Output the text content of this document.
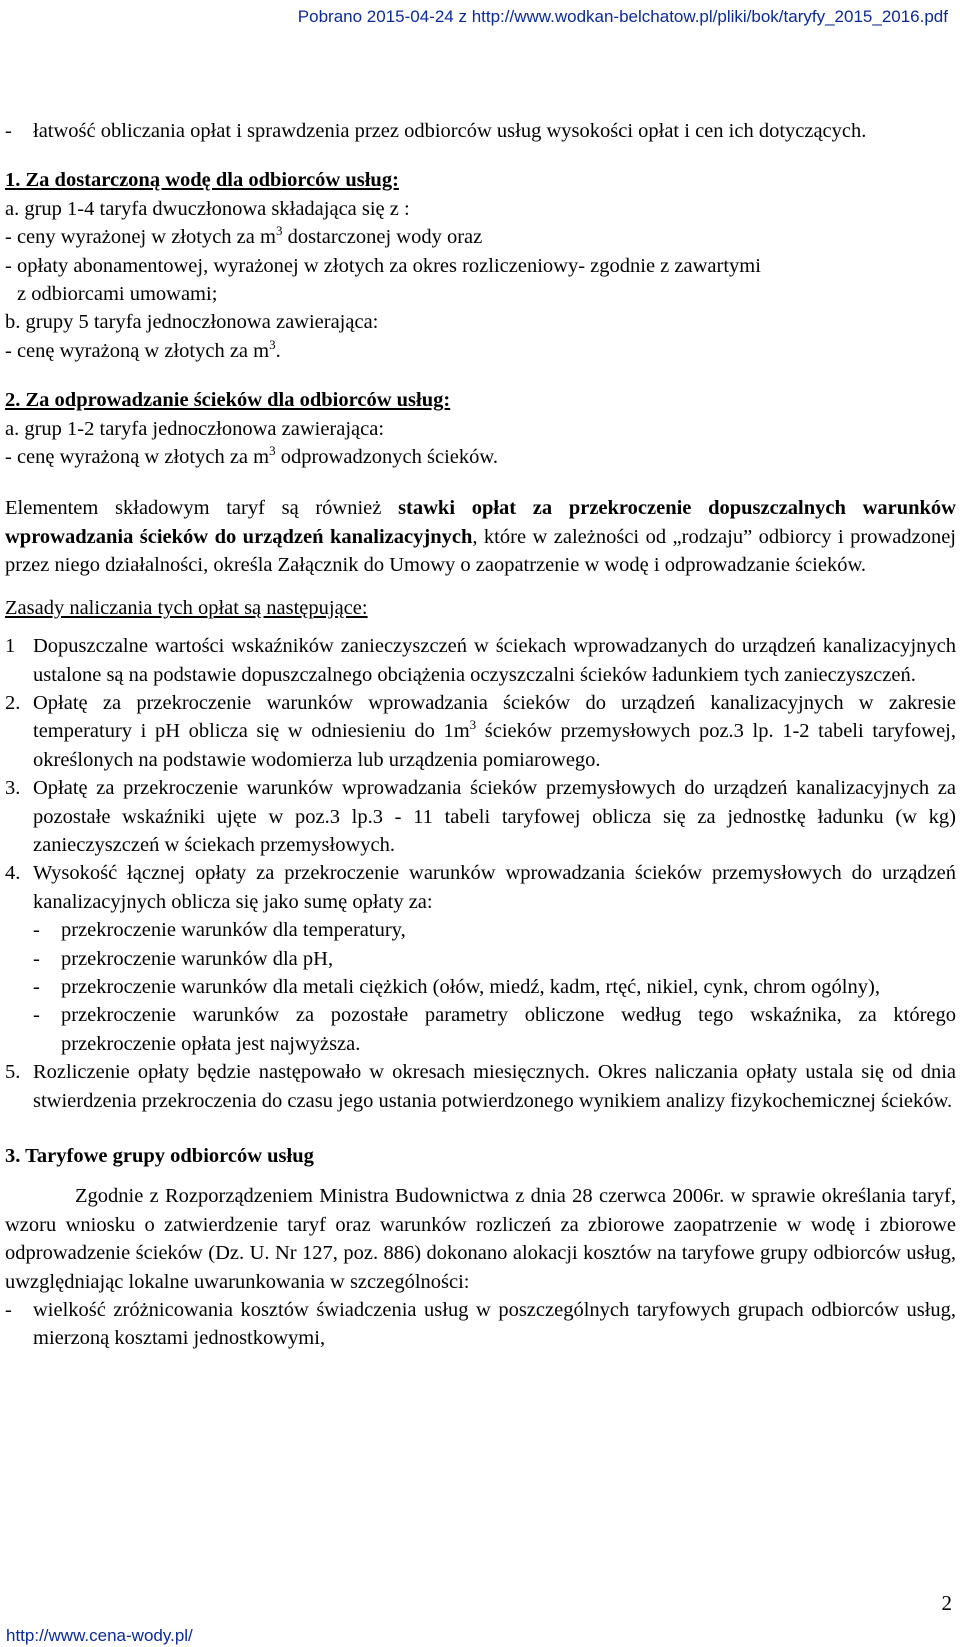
Pobrano 2015-04-24 z http://www.wodkan-belchatow.pl/pliki/bok/taryfy_2015_2016.pdf
-	łatwość obliczania opłat i sprawdzenia przez odbiorców usług wysokości opłat i cen ich dotyczących.

1. Za dostarczoną wodę dla odbiorców usług:

a. grup 1-4 taryfa dwuczłonowa składająca się z :

- ceny wyrażonej w złotych za $m^3$ dostarczonej wody oraz

- opłaty abonamentowej, wyrażonej w złotych za okres rozliczeniowy- zgodnie z zawartymi

z odbiorcami umowami;

b. grupy 5 taryfa jednoczłonowa zawierająca:

- cenę wyrażoną w złotych za $m^3$.

2. Za odprowadzanie ścieków dla odbiorców usług:

a. grup 1-2 taryfa jednoczłonowa zawierająca:

- cenę wyrażoną w złotych za $m^3$ odprowadzonych ścieków.

Elementem składowym taryf są również stawki opłat za przekroczenie dopuszczalnych warunków wprowadzania ścieków do urządzeń kanalizacyjnych, które w zależności od „rodzaju” odbiorcy i prowadzonej przez niego działalności, określa Załącznik do Umowy o zaopatrzenie w wodę i odprowadzanie ścieków.

Zasady naliczania tych opłat są następujące:

1 Dopuszczalne wartości wskaźników zanieczyszczeń w ściekach wprowadzanych do urządzeń kanalizacyjnych ustalone są na podstawie dopuszczalnego obciążenia oczyszczalni ścieków ładunkiem tych zanieczyszczeń.
2. Opłatę za przekroczenie warunków wprowadzania ścieków do urządzeń kanalizacyjnych w zakresie temperatury i pH oblicza się w odniesieniu do $1m^3$ ścieków przemysłowych poz.3 lp. 1-2 tabeli taryfowej, określonych na podstawie wodomierza lub urządzenia pomiarowego.
3. Opłatę za przekroczenie warunków wprowadzania ścieków przemysłowych do urządzeń kanalizacyjnych za pozostałe wskaźniki ujęte w poz.3 lp.3 - 11 tabeli taryfowej oblicza się za jednostkę ładunku (w kg) zanieczyszczeń w ściekach przemysłowych.
4. Wysokość łącznej opłaty za przekroczenie warunków wprowadzania ścieków przemysłowych do urządzeń kanalizacyjnych oblicza się jako sumę opłaty za:
-	przekroczenie warunków dla temperatury,
-	przekroczenie warunków dla pH,
-	przekroczenie warunków dla metali ciężkich (ołów, miedź, kadm, rtęć, nikiel, cynk, chrom ogólny),
-	przekroczenie warunków za pozostałe parametry obliczone według tego wskaźnika, za którego przekroczenie opłata jest najwyższa.
5. Rozliczenie opłaty będzie następowało w okresach miesięcznych. Okres naliczania opłaty ustala się od dnia stwierdzenia przekroczenia do czasu jego ustania potwierdzonego wynikiem analizy fizykochemicznej ścieków.

3. Taryfowe grupy odbiorców usług

Zgodnie z Rozporządzeniem Ministra Budownictwa z dnia 28 czerwca 2006r. w sprawie określania taryf, wzoru wniosku o zatwierdzenie taryf oraz warunków rozliczeń za zbiorowe zaopatrzenie w wodę i zbiorowe odprowadzenie ścieków (Dz. U. Nr 127, poz. 886) dokonano alokacji kosztów na taryfowe grupy odbiorców usług, uwzględniając lokalne uwarunkowania w szczególności:

-	wielkość zróżnicowania kosztów świadczenia usług w poszczególnych taryfowych grupach odbiorców usług, mierzoną kosztami jednostkowymi,
2
http://www.cena-wody.pl/
